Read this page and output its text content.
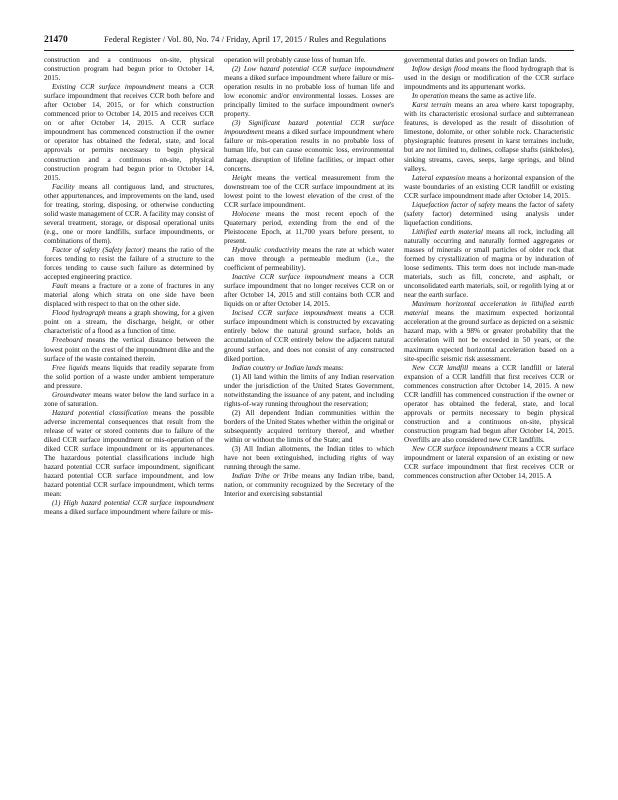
21470	Federal Register / Vol. 80, No. 74 / Friday, April 17, 2015 / Rules and Regulations

construction and a continuous on-site, physical construction program had begun prior to October 14, 2015.

Existing CCR surface impoundment means a CCR surface impoundment that receives CCR both before and after October 14, 2015, or for which construction commenced prior to October 14, 2015 and receives CCR on or after October 14, 2015. A CCR surface impoundment has commenced construction if the owner or operator has obtained the federal, state, and local approvals or permits necessary to begin physical construction and a continuous on-site, physical construction program had begun prior to October 14, 2015.

Facility means all contiguous land, and structures, other appurtenances, and improvements on the land, used for treating, storing, disposing, or otherwise conducting solid waste management of CCR. A facility may consist of several treatment, storage, or disposal operational units (e.g., one or more landfills, surface impoundments, or combinations of them).

Factor of safety (Safety factor) means the ratio of the forces tending to resist the failure of a structure to the forces tending to cause such failure as determined by accepted engineering practice.

Fault means a fracture or a zone of fractures in any material along which strata on one side have been displaced with respect to that on the other side.

Flood hydrograph means a graph showing, for a given point on a stream, the discharge, height, or other characteristic of a flood as a function of time.

Freeboard means the vertical distance between the lowest point on the crest of the impoundment dike and the surface of the waste contained therein.

Free liquids means liquids that readily separate from the solid portion of a waste under ambient temperature and pressure.

Groundwater means water below the land surface in a zone of saturation.

Hazard potential classification means the possible adverse incremental consequences that result from the release of water or stored contents due to failure of the diked CCR surface impoundment or mis-operation of the diked CCR surface impoundment or its appurtenances. The hazardous potential classifications include high hazard potential CCR surface impoundment, significant hazard potential CCR surface impoundment, and low hazard potential CCR surface impoundment, which terms mean:

(1) High hazard potential CCR surface impoundment means a diked surface impoundment where failure or mis-

operation will probably cause loss of human life.

(2) Low hazard potential CCR surface impoundment means a diked surface impoundment where failure or mis-operation results in no probable loss of human life and low economic and/or environmental losses. Losses are principally limited to the surface impoundment owner's property.

(3) Significant hazard potential CCR surface impoundment means a diked surface impoundment where failure or mis-operation results in no probable loss of human life, but can cause economic loss, environmental damage, disruption of lifeline facilities, or impact other concerns.

Height means the vertical measurement from the downstream toe of the CCR surface impoundment at its lowest point to the lowest elevation of the crest of the CCR surface impoundment.

Holocene means the most recent epoch of the Quaternary period, extending from the end of the Pleistocene Epoch, at 11,700 years before present, to present.

Hydraulic conductivity means the rate at which water can move through a permeable medium (i.e., the coefficient of permeability).

Inactive CCR surface impoundment means a CCR surface impoundment that no longer receives CCR on or after October 14, 2015 and still contains both CCR and liquids on or after October 14, 2015.

Incised CCR surface impoundment means a CCR surface impoundment which is constructed by excavating entirely below the natural ground surface, holds an accumulation of CCR entirely below the adjacent natural ground surface, and does not consist of any constructed diked portion.

Indian country or Indian lands means:

(1) All land within the limits of any Indian reservation under the jurisdiction of the United States Government, notwithstanding the issuance of any patent, and including rights-of-way running throughout the reservation;

(2) All dependent Indian communities within the borders of the United States whether within the original or subsequently acquired territory thereof, and whether within or without the limits of the State; and

(3) All Indian allotments, the Indian titles to which have not been extinguished, including rights of way running through the same.

Indian Tribe or Tribe means any Indian tribe, band, nation, or community recognized by the Secretary of the Interior and exercising substantial

governmental duties and powers on Indian lands.

Inflow design flood means the flood hydrograph that is used in the design or modification of the CCR surface impoundments and its appurtenant works.

In operation means the same as active life.

Karst terrain means an area where karst topography, with its characteristic erosional surface and subterranean features, is developed as the result of dissolution of limestone, dolomite, or other soluble rock. Characteristic physiographic features present in karst terraines include, but are not limited to, dolines, collapse shafts (sinkholes), sinking streams, caves, seeps, large springs, and blind valleys.

Lateral expansion means a horizontal expansion of the waste boundaries of an existing CCR landfill or existing CCR surface impoundment made after October 14, 2015.

Liquefaction factor of safety means the factor of safety (safety factor) determined using analysis under liquefaction conditions.

Lithified earth material means all rock, including all naturally occurring and naturally formed aggregates or masses of minerals or small particles of older rock that formed by crystallization of magma or by induration of loose sediments. This term does not include man-made materials, such as fill, concrete, and asphalt, or unconsolidated earth materials, soil, or regolith lying at or near the earth surface.

Maximum horizontal acceleration in lithified earth material means the maximum expected horizontal acceleration at the ground surface as depicted on a seismic hazard map, with a 98% or greater probability that the acceleration will not be exceeded in 50 years, or the maximum expected horizontal acceleration based on a site-specific seismic risk assessment.

New CCR landfill means a CCR landfill or lateral expansion of a CCR landfill that first receives CCR or commences construction after October 14, 2015. A new CCR landfill has commenced construction if the owner or operator has obtained the federal, state, and local approvals or permits necessary to begin physical construction and a continuous on-site, physical construction program had begun after October 14, 2015. Overfills are also considered new CCR landfills.

New CCR surface impoundment means a CCR surface impoundment or lateral expansion of an existing or new CCR surface impoundment that first receives CCR or commences construction after October 14, 2015. A
